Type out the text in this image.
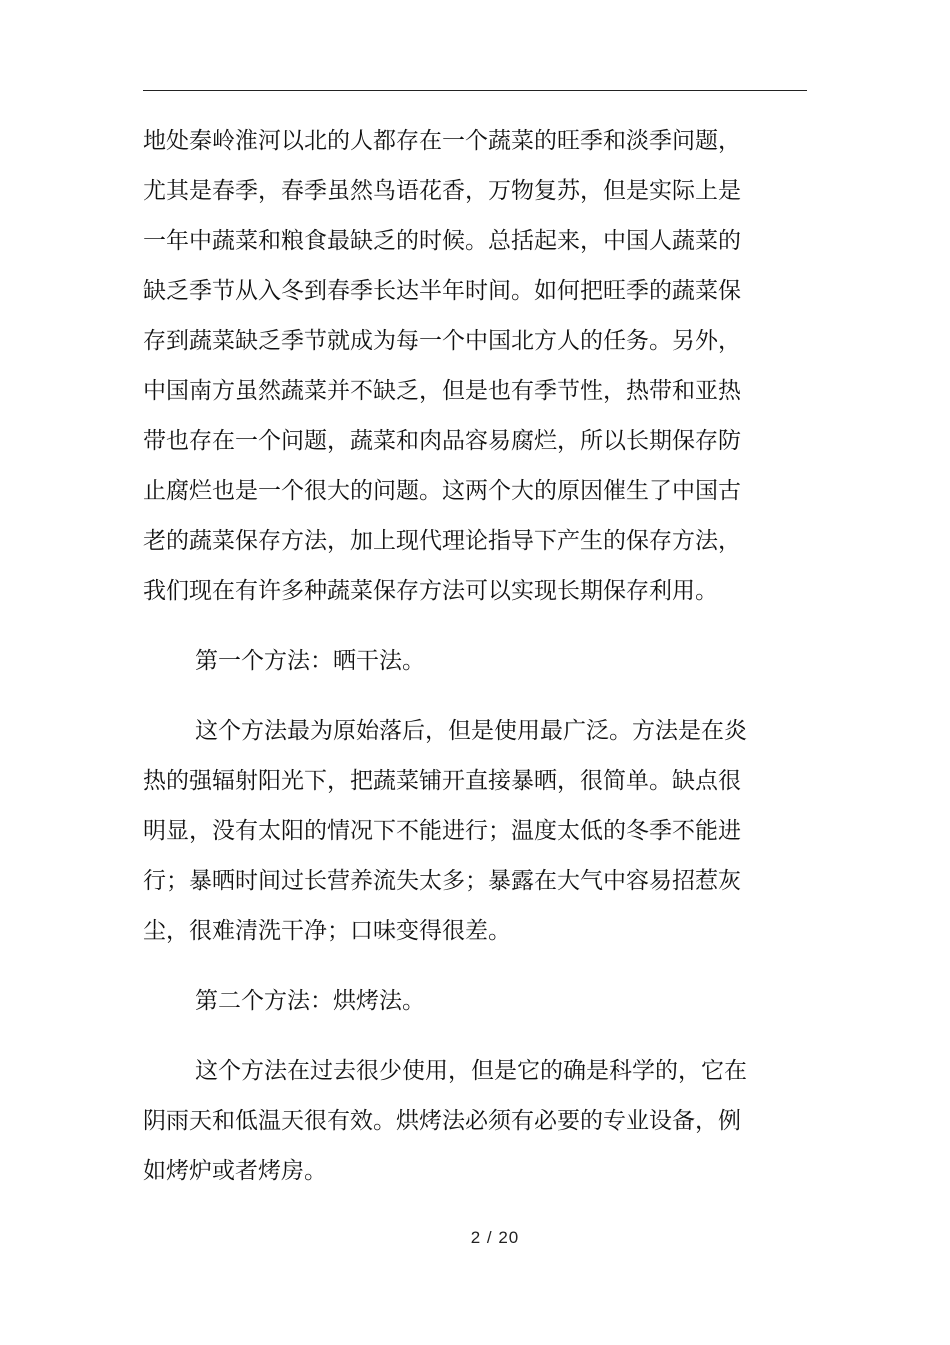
地处秦岭淮河以北的人都存在一个蔬菜的旺季和淡季问题，
尤其是春季，春季虽然鸟语花香，万物复苏，但是实际上是
一年中蔬菜和粮食最缺乏的时候。总括起来，中国人蔬菜的
缺乏季节从入冬到春季长达半年时间。如何把旺季的蔬菜保
存到蔬菜缺乏季节就成为每一个中国北方人的任务。另外，
中国南方虽然蔬菜并不缺乏，但是也有季节性，热带和亚热
带也存在一个问题，蔬菜和肉品容易腐烂，所以长期保存防
止腐烂也是一个很大的问题。这两个大的原因催生了中国古
老的蔬菜保存方法，加上现代理论指导下产生的保存方法，
我们现在有许多种蔬菜保存方法可以实现长期保存利用。
第一个方法：晒干法。
这个方法最为原始落后，但是使用最广泛。方法是在炎
热的强辐射阳光下，把蔬菜铺开直接暴晒，很简单。缺点很
明显，没有太阳的情况下不能进行；温度太低的冬季不能进
行；暴晒时间过长营养流失太多；暴露在大气中容易招惹灰
尘，很难清洗干净；口味变得很差。
第二个方法：烘烤法。
这个方法在过去很少使用，但是它的确是科学的，它在
阴雨天和低温天很有效。烘烤法必须有必要的专业设备，例
如烤炉或者烤房。
2 / 20
